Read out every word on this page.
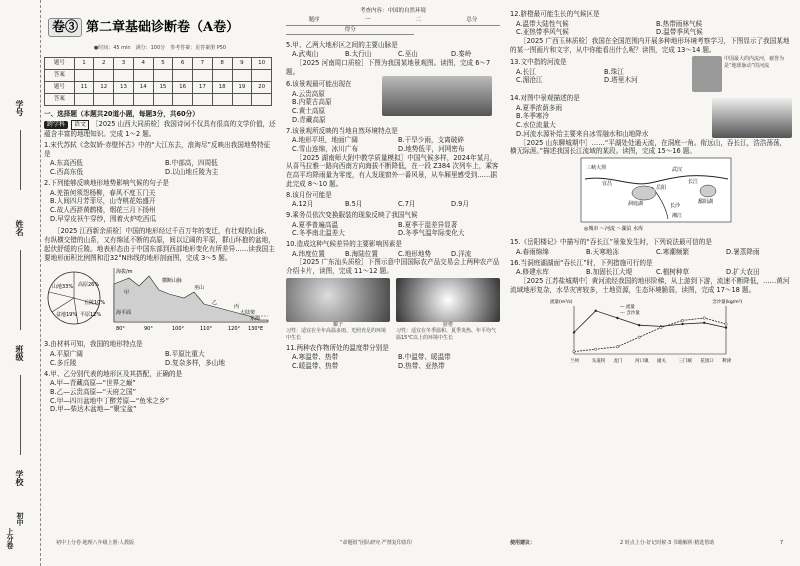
学号
姓名
班级
学校
初中
上分卷
卷③ 第二章基础诊断卷（A卷）
●时间：45 min　满分：100分　参考答案：见答案册 P50
题号	1	2	3	4	5	6	7	8	9	10
答案										
题号	11	12	13	14	15	16	17	18	19	20
答案										

一、选择题（本题共20道小题，每题3分，共60分）

跨学科 语文 ［2025 山西大同质检］我国诗词不仅具有很高的文学价值，还蕴含丰富的地理知识。完成 1～2 题。

1.宋代苏轼《念奴娇·赤壁怀古》中的“大江东去，浪淘尽”反映出我国地势特征是

A.东高西低	B.中部高，四周低
C.西高东低	D.以山地丘陵为主

2.下列能够反映地形地势影响气候的句子是

A.羌笛何须怨杨柳，春风不度玉门关
B.人间四月芳菲尽，山寺桃花始盛开
C.故人西辞黄鹤楼，烟花三月下扬州
D.早穿皮袄午穿纱，围着火炉吃西瓜

［2025 江西新余质检］中国的地形经过千百万年的变迁，有壮观的山脉、有纵横交错的山系，又有绵延不断的高原，间以辽阔的平原，群山环抱的盆地，起伏舒缓的丘陵。地表形态由于中国东部到西部地形变化有所差异……读我国主要地形面积比例图和沿32°N纬线的地形剖面图，完成 3～5 题。

山地33% 高原26%
盆地19% 平原12%
丘陵10%
海拔/m
横断山脉
巫山
甲
乙
丙
大陆架
东海
海平面
80°	90°	100°	110°	120° 130°E

3.由材料可知，我国的地形特点是

A.平原广阔	B.平原比重大
C.多丘陵	D.复杂多样，多山地

4.甲、乙分别代表的地形区及其搭配，正确的是

A.甲—青藏高原—“世界之巅”
B.乙—云贵高原—“天府之国”
C.甲—四川盆地中丁醉芳原—“鱼米之乡”
D.甲—柴达木盆地—“聚宝盆”
考查内容：中国的自然环境
题序	一	二	总分
得分

5.甲、乙两大地形区之间的主要山脉是

A.武夷山	B.太行山	C.巫山	D.秦岭

［2025 河南周口质检］下图为我国某地景观图。读图，完成 6～7 题。

6.该景观最可能出现在

A.云贵高原
B.内蒙古高原
C.黄土高原
D.青藏高原

7.该景观所反映的当地自然环境特点是

A.地形平坦，地面广阔	B.干旱少雨，支离破碎
C.雪山连绵，冰川广布	D.地势低平，河网密布

［2025 湖南师大附中教学质量模拟］中国气候多样，2024年某月，从喜马拉雅一路向西南方向海拔不断降低，在一段 Z384 次列车上，乘客在高平均降雨量为零度，有人发现窗外一番风景，从车厢里感受到……据此完成 8～10 题。

8.该月份可能是

A.12月	B.5月	C.7月	D.9月

9.乘务员依次变换服装的现象反映了我国气候

A.夏季普遍高温	B.夏季干湿差异显著
C.冬季南北温差大	D.冬季气温年际变化大

10.造成这种气候差异的主要影响因素是

A.纬度位置	B.海陆位置	C.地形地势	D.洋流

［2025 广东汕头质检］下图示意中国国际农产品交易会上两种农产品介绍卡片，读图，完成 11～12 题。

椰子
习性：适宜在全年高温多雨、光照充足的环境中生长
脐橙
习性：适宜在冬季温和、夏季炎热、年平均气温15℃以上的环境中生长

11.两种农作物所处的温度带分别是

A.寒温带、热带	B.中温带、暖温带
C.暖温带、热带	D.热带、亚热带

12.脐橙最可能生长的气候区是

A.温带大陆性气候	B.热带雨林气候
C.亚热带季风气候	D.温带季风气候

［2025 广西玉林质检］我国在全国范围内开展多种地形环境考察学习，下图显示了我国某地的某一图画片和文字，从中你能看出什么呢？读图，完成 13～14 题。

13.文中指的河流是

A.长江	B.珠江
C.湄沧江	D.塔里木河
中国最大的内流河，被誉为是“地球脉动”的河流

14.对图中景观描述的是

A.夏季浓荫多雨
B.冬季寒冷
C.水位流量大
D.河流水源补给主要来自冰雪融水和山地降水

［2025 山东聊城期中］……“平湖处处通天流，在洞庭一角。衔远山，吞长江，浩浩荡荡，横无际涯。”描述我国长江流域的某段。读图，完成 15～16 题。

三峡大坝	武汉
宜昌
岳阳
长沙
洞庭湖
湘江
长江
鄱阳湖
◎城市 ～河流 ～湖泊 水库

15.《岳阳楼记》中描写的“吞长江”景象发生时，下列说法最可信的是

A.春雨绵绵	B.天寒地冻	C.寒潮频繁	D.暑蒸降雨

16.当洞庭湖湖面“吞长江”时，下列措施可行的是

A.修建水库	B.加固长江大堤	C.植树种草	D.扩大农田

［2025 江苏盐城期中］黄河流经我国的地形阶梯，从上游到下游，流速不断降低，……黄河流域地形复杂，水旱灾害较多，土地资源，生态环境脆弱，读图，完成 17～18 题。

兰州	头道拐 龙门	河口镇 潼关	三门峡 花园口 利津
流量(m³/s)	含沙量(kg/m³)
— 流量
--- 含沙量
初中上分卷·地理八年级上册·人教版	“命题组”团队研究·严禁复印盗印	使用建议：	2 时点上分·好记时候·3 书籍解析·精选帮助	7
